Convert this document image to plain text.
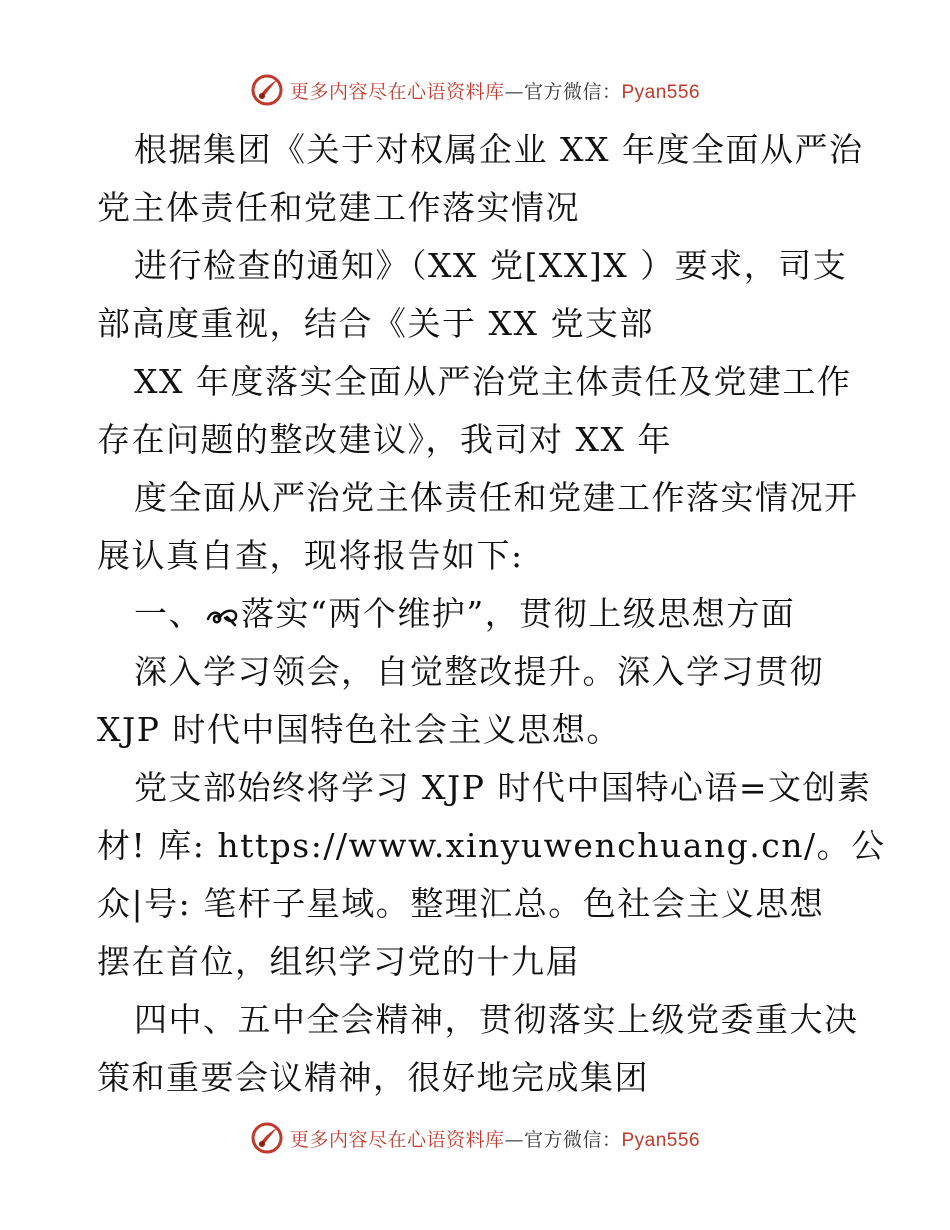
更多内容尽在心语资料库—官方微信：Pyan556
根据集团《关于对权属企业 XX 年度全面从严治
党主体责任和党建工作落实情况
进行检查的通知》（XX 党[XX]X ）要求，司支
部高度重视，结合《关于 XX 党支部
XX 年度落实全面从严治党主体责任及党建工作
存在问题的整改建议》，我司对 XX 年
度全面从严治党主体责任和党建工作落实情况开
展认真自查，现将报告如下:
一、 落实“两个维护”，贯彻上级思想方面
深入学习领会，自觉整改提升。深入学习贯彻
XJP 时代中国特色社会主义思想。
党支部始终将学习 XJP 时代中国特心语=文创素
材! 库: https://www.xinyuwenchuang.cn/。公
众|号: 笔杆子星域。整理汇总。色社会主义思想
摆在首位，组织学习党的十九届
四中、五中全会精神，贯彻落实上级党委重大决
策和重要会议精神，很好地完成集团
更多内容尽在心语资料库—官方微信：Pyan556
